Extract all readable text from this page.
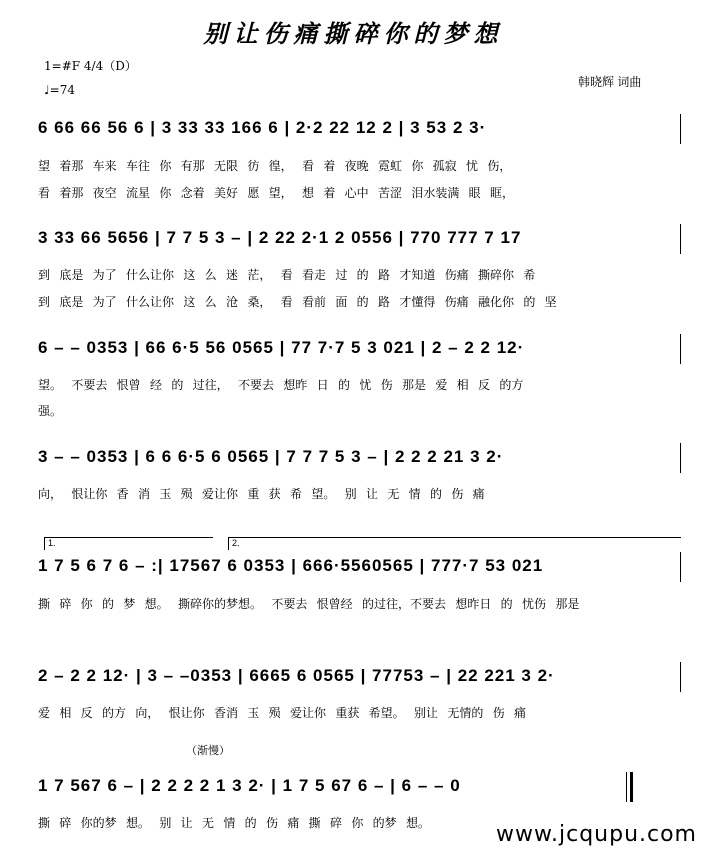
别让伤痛撕碎你的梦想
1=#F 4/4（D）
♩=74
韩晓辉 词曲
6 66 66 56 6 | 3 33 33 166 6 | 2·2 22 12 2 | 3 53 2 3·
望 着那 车来 车往 你 有那 无限 彷 徨， 看 着 夜晚 霓虹 你 孤寂 忧 伤，
看 着那 夜空 流星 你 念着 美好 愿 望， 想 着 心中 苦涩 泪水装满 眼 眶，
3 33 66 5656 | 7 7 5 3 – | 2 22 2·1 2 0556 | 770 777 7 17
到 底是 为了 什么让你 这 么 迷 茫， 看 看走 过 的 路 才知道 伤痛 撕碎你 希
到 底是 为了 什么让你 这 么 沧 桑， 看 看前 面 的 路 才懂得 伤痛 融化你 的 坚
6 – – 0353 | 66 6·5 56 0565 | 77 7·7 5 3 021 | 2 – 2 2 12·
望。 不要去 恨曾 经 的 过往， 不要去 想昨 日 的 忧 伤 那是 爱 相 反 的方
强。
3 – – 0353 | 6 6 6·5 6 0565 | 7 7 7 5 3 – | 2 2 2 21 3 2·
向， 恨让你 香 消 玉 殒 爱让你 重 获 希 望。 别 让 无 情 的 伤 痛
1.	2.
1 7 5 6 7 6 – :| 17567 6 0353 | 666·5560565 | 777·7 53 021
撕 碎 你 的 梦 想。 撕碎你的梦想。 不要去 恨曾经 的过往，不要去 想昨日 的 忧伤 那是
2 – 2 2 12· | 3 – –0353 | 6665 6 0565 | 77753 – | 22 221 3 2·
爱 相 反 的方 向， 恨让你 香消 玉 殒 爱让你 重获 希望。 别让 无情的 伤 痛
（渐慢）
1 7 567 6 – | 2 2 2 2 1 3 2· | 1 7 5 67 6 – | 6 – – 0
撕 碎 你的梦 想。 别 让 无 情 的 伤 痛 撕 碎 你 的梦 想。	www.jcqupu.com
